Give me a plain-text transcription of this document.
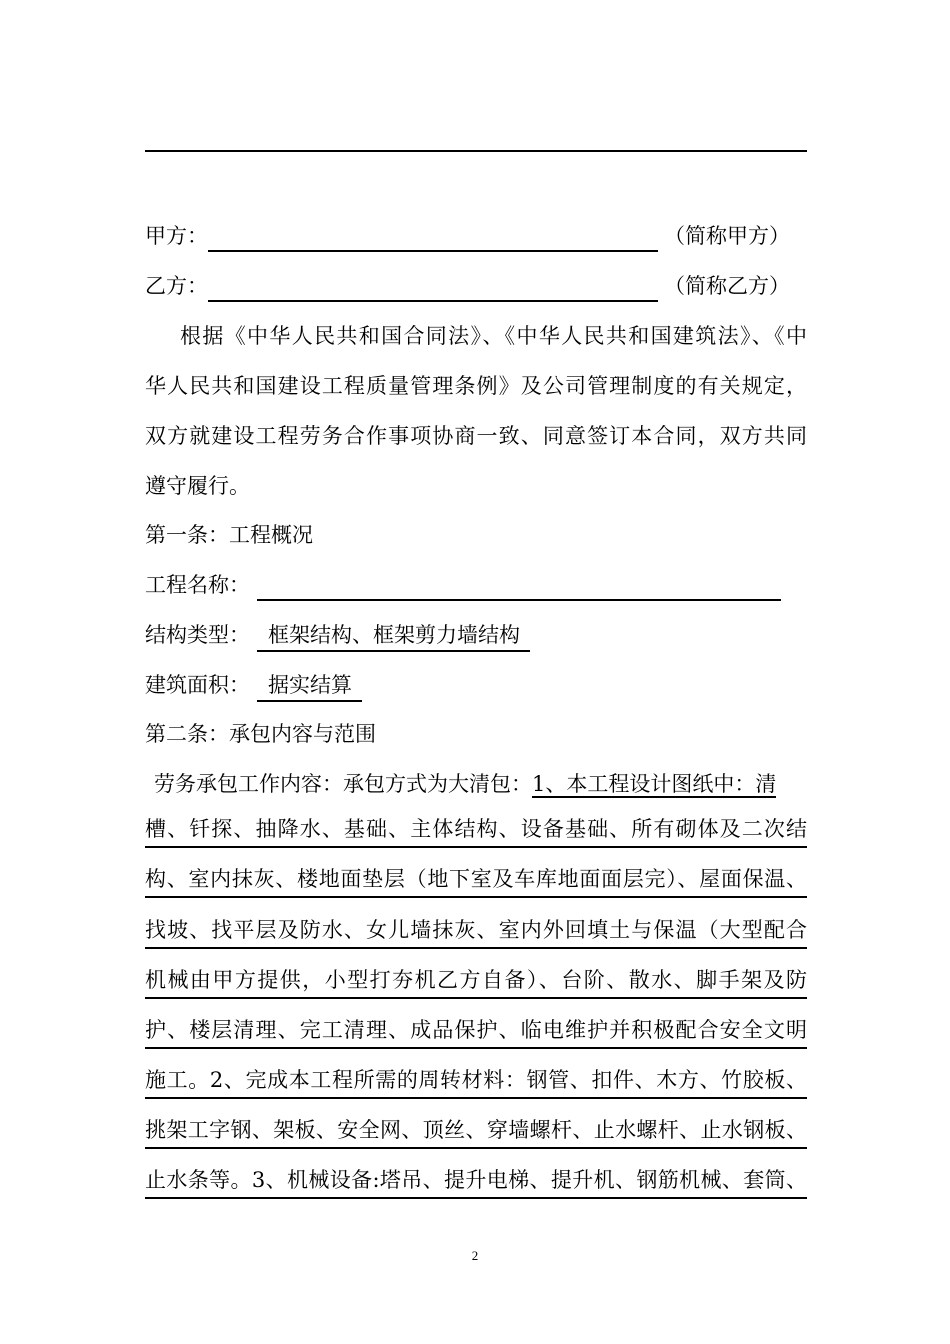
甲方：	（简称甲方）
乙方：	（简称乙方）
根据《中华人民共和国合同法》、《中华人民共和国建筑法》、《中
华人民共和国建设工程质量管理条例》及公司管理制度的有关规定，
双方就建设工程劳务合作事项协商一致、同意签订本合同，双方共同
遵守履行。
第一条：工程概况
工程名称：
结构类型： 框架结构、框架剪力墙结构
建筑面积： 据实结算
第二条：承包内容与范围
劳务承包工作内容：承包方式为大清包：1、本工程设计图纸中：清
槽、钎探、抽降水、基础、主体结构、设备基础、所有砌体及二次结
构、室内抹灰、楼地面垫层（地下室及车库地面面层完）、屋面保温、
找坡、找平层及防水、女儿墙抹灰、室内外回填土与保温（大型配合
机械由甲方提供，小型打夯机乙方自备）、台阶、散水、脚手架及防
护、楼层清理、完工清理、成品保护、临电维护并积极配合安全文明
施工。2、完成本工程所需的周转材料：钢管、扣件、木方、竹胶板、
挑架工字钢、架板、安全网、顶丝、穿墙螺杆、止水螺杆、止水钢板、
止水条等。3、机械设备:塔吊、提升电梯、提升机、钢筋机械、套筒、
2
